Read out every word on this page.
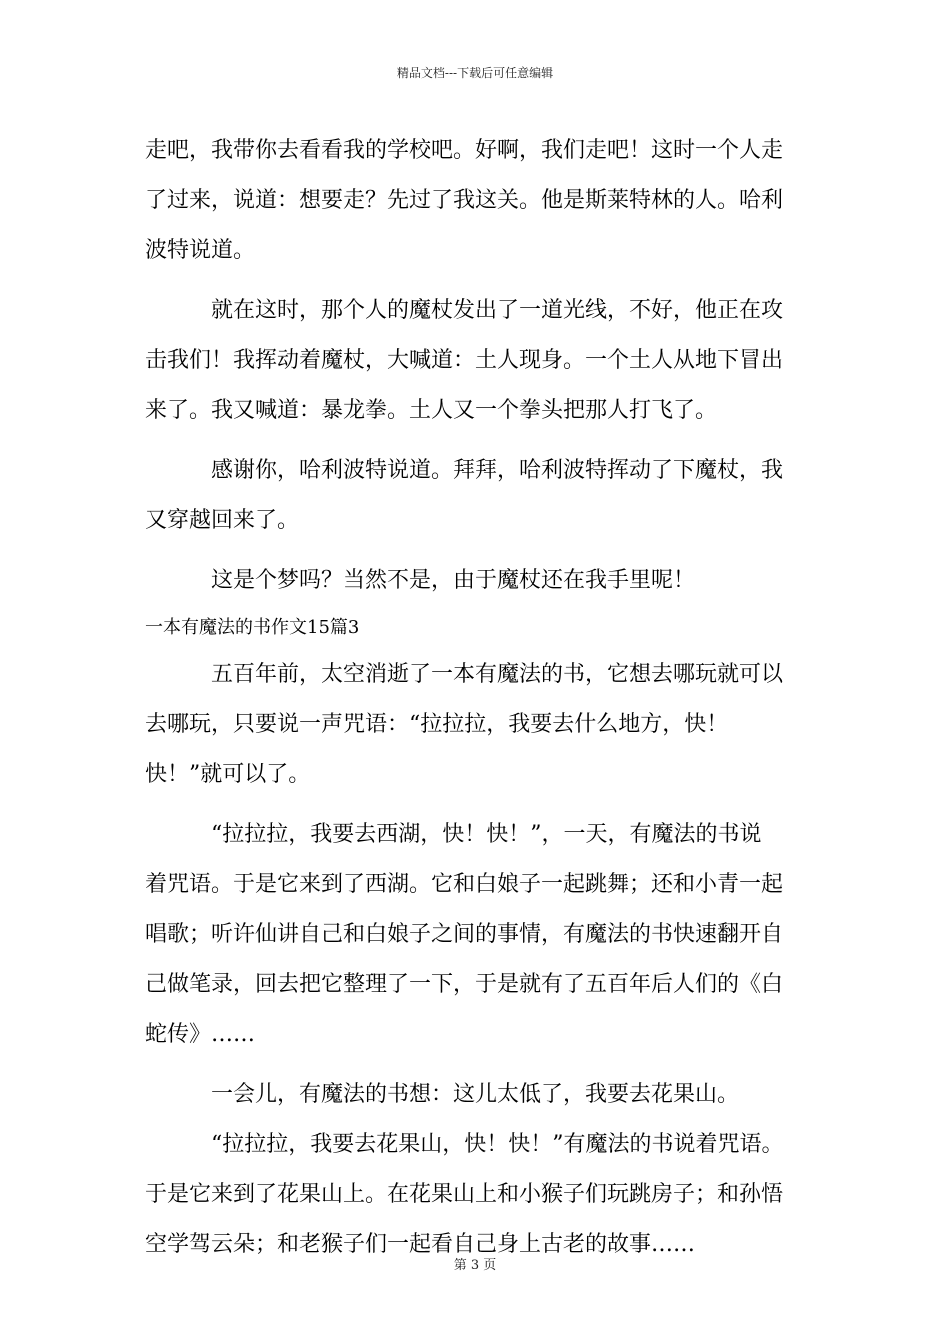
精品文档---下载后可任意编辑
走吧，我带你去看看我的学校吧。好啊，我们走吧！这时一个人走
了过来，说道：想要走？先过了我这关。他是斯莱特林的人。哈利
波特说道。
就在这时，那个人的魔杖发出了一道光线，不好，他正在攻
击我们！我挥动着魔杖，大喊道：土人现身。一个土人从地下冒出
来了。我又喊道：暴龙拳。土人又一个拳头把那人打飞了。
感谢你，哈利波特说道。拜拜，哈利波特挥动了下魔杖，我
又穿越回来了。
这是个梦吗？当然不是，由于魔杖还在我手里呢！
一本有魔法的书作文15篇3
五百年前，太空消逝了一本有魔法的书，它想去哪玩就可以
去哪玩，只要说一声咒语：“拉拉拉，我要去什么地方，快！
快！”就可以了。
“拉拉拉，我要去西湖，快！快！”，一天，有魔法的书说
着咒语。于是它来到了西湖。它和白娘子一起跳舞；还和小青一起
唱歌；听许仙讲自己和白娘子之间的事情，有魔法的书快速翻开自
己做笔录，回去把它整理了一下，于是就有了五百年后人们的《白
蛇传》……
一会儿，有魔法的书想：这儿太低了，我要去花果山。
“拉拉拉，我要去花果山，快！快！”有魔法的书说着咒语。
于是它来到了花果山上。在花果山上和小猴子们玩跳房子；和孙悟
空学驾云朵；和老猴子们一起看自己身上古老的故事……
第 3 页
